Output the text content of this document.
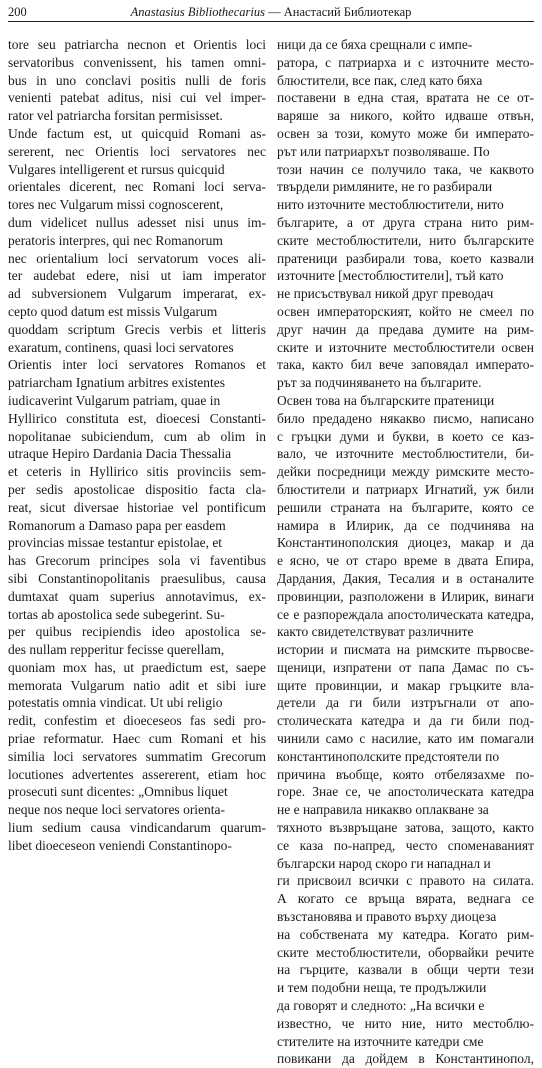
200	Anastasius Bibliothecarius — Анастасий Библиотекар
tore seu patriarcha necnon et Orientis loci
servatoribus convenissent, his tamen omni-
bus in uno conclavi positis nulli de foris
venienti patebat aditus, nisi cui vel imper-
rator vel patriarcha forsitan permisisset.
Unde factum est, ut quicquid Romani as-
sererent, nec Orientis loci servatores nec
Vulgares intelligerent et rursus quicquid
orientales dicerent, nec Romani loci serva-
tores nec Vulgarum missi cognoscerent,
dum videlicet nullus adesset nisi unus im-
peratoris interpres, qui nec Romanorum
nec orientalium loci servatorum voces ali-
ter audebat edere, nisi ut iam imperator
ad subversionem Vulgarum imperarat, ex-
cepto quod datum est missis Vulgarum
quoddam scriptum Grecis verbis et litteris
exaratum, continens, quasi loci servatores
Orientis inter loci servatores Romanos et
patriarcham Ignatium arbitres existentes
iudicaverint Vulgarum patriam, quae in
Hyllirico constituta est, dioecesi Constanti-
nopolitanae subiciendum, cum ab olim in
utraque Hepiro Dardania Dacia Thessalia
et ceteris in Hyllirico sitis provinciis sem-
per sedis apostolicae dispositio facta cla-
reat, sicut diversae historiae vel pontificum
Romanorum a Damaso papa per easdem
provincias missae testantur epistolae, et
has Grecorum principes sola vi faventibus
sibi Constantinopolitanis praesulibus, causa
dumtaxat quam superius annotavimus, ex-
tortas ab apostolica sede subegerint. Su-
per quibus recipiendis ideo apostolica se-
des nullam repperitur fecisse querellam,
quoniam mox has, ut praedictum est, saepe
memorata Vulgarum natio adit et sibi iure
potestatis omnia vindicat. Ut ubi religio
redit, confestim et dioeceseos fas sedi pro-
priae reformatur. Haec cum Romani et his
similia loci servatores summatim Grecorum
locutiones advertentes assererent, etiam hoc
prosecuti sunt dicentes: „Omnibus liquet
neque nos neque loci servatores orienta-
lium sedium causa vindicandarum quarum-
libet dioeceseon veniendi Constantinopo-
ници да се бяха срещнали с импе-
ратора, с патриарха и с източните место-
блюстители, все пак, след като бяха
поставени в една стая, вратата не се от-
варяше за никого, който идваше отвън,
освен за този, комуто може би императо-
рът или патриархът позволяваше. По
този начин се получило така, че каквото
твърдели римляните, не го разбирали
нито източните местоблюстители, нито
българите, а от друга страна нито рим-
ските местоблюстители, нито българските
пратеници разбирали това, което казвали
източните [местоблюстители], тъй като
не присъствувал никой друг преводач
освен императорският, който не смеел по
друг начин да предава думите на рим-
ските и източните местоблюстители освен
така, както бил вече заповядал императо-
рът за подчиняването на българите.
Освен това на българските пратеници
било предадено някакво писмо, написано
с гръцки думи и букви, в което се каз-
вало, че източните местоблюстители, би-
дейки посредници между римските место-
блюстители и патриарх Игнатий, уж били
решили страната на българите, която се
намира в Илирик, да се подчинява на
Константинополския диоцез, макар и да
е ясно, че от старо време в двата Епира,
Дардания, Дакия, Тесалия и в останалите
провинции, разположени в Илирик, винаги
се е разпореждала апостолическата катедра,
както свидетелствуват различните
истории и писмата на римските първосве-
щеници, изпратени от папа Дамас по съ-
щите провинции, и макар гръцките вла-
детели да ги били изтръгнали от апо-
столическата катедра и да ги били под-
чинили само с насилие, като им помагали
константинополските предстоятели по
причина въобще, която отбелязахме по-
горе. Знае се, че апостолическата катедра
не е направила никакво оплакване за
тяхното възвръщане затова, защото, както
се каза по-напред, често споменаваният
български народ скоро ги нападнал и
ги присвоил всички с правото на силата.
А когато се връща вярата, веднага се
възстановява и правото върху диоцеза
на собствената му катедра. Когато рим-
ските местоблюстители, оборвайки речите
на гърците, казвали в общи черти тези
и тем подобни неща, те продължили
да говорят и следното: „На всички е
известно, че нито ние, нито местоблю-
стителите на източните катедри сме
повикани да дойдем в Константинопол,
